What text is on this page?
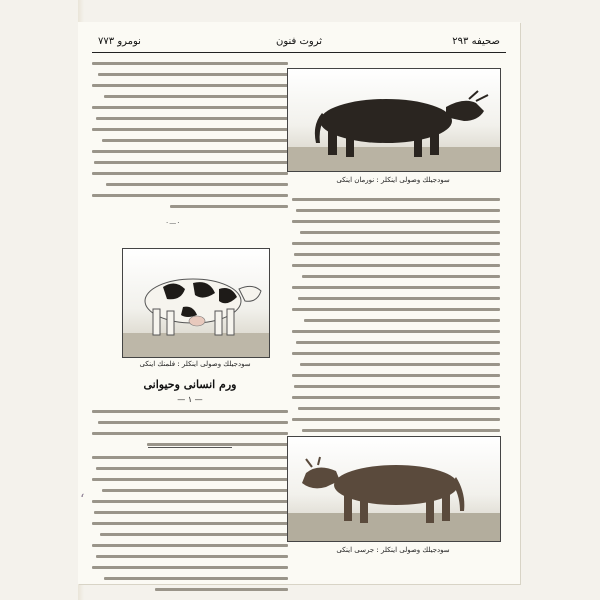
نومرو ۷۷۳	ثروت فنون	صحیفه ۲۹۳
·—·
سودجیلك وصولی اینکلر : نورمان اینکی
سودجیلك وصولی اینکلر : فلمنك اینکی
ورم انسانی وحیوانی
— ۱ —
ʻ
سودجیلك وصولی اینکلر : جرسی اینکی
